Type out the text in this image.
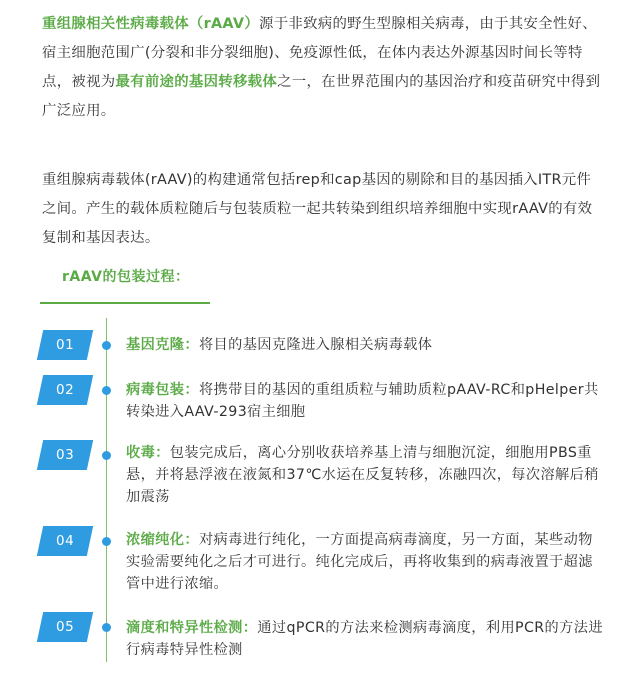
重组腺相关性病毒载体（rAAV）源于非致病的野生型腺相关病毒，由于其安全性好、宿主细胞范围广(分裂和非分裂细胞)、免疫源性低，在体内表达外源基因时间长等特点，被视为最有前途的基因转移载体之一，在世界范围内的基因治疗和疫苗研究中得到广泛应用。

重组腺病毒载体(rAAV)的构建通常包括rep和cap基因的剔除和目的基因插入ITR元件之间。产生的载体质粒随后与包装质粒一起共转染到组织培养细胞中实现rAAV的有效复制和基因表达。

rAAV的包装过程：
01	基因克隆：将目的基因克隆进入腺相关病毒载体

02	病毒包装：将携带目的基因的重组质粒与辅助质粒pAAV-RC和pHelper共转染进入AAV-293宿主细胞

03	收毒：包装完成后，离心分别收获培养基上清与细胞沉淀，细胞用PBS重悬，并将悬浮液在液氮和37℃水运在反复转移，冻融四次，每次溶解后稍加震荡

04	浓缩纯化：对病毒进行纯化，一方面提高病毒滴度，另一方面，某些动物实验需要纯化之后才可进行。纯化完成后，再将收集到的病毒液置于超滤管中进行浓缩。

05	滴度和特异性检测：通过qPCR的方法来检测病毒滴度，利用PCR的方法进行病毒特异性检测
